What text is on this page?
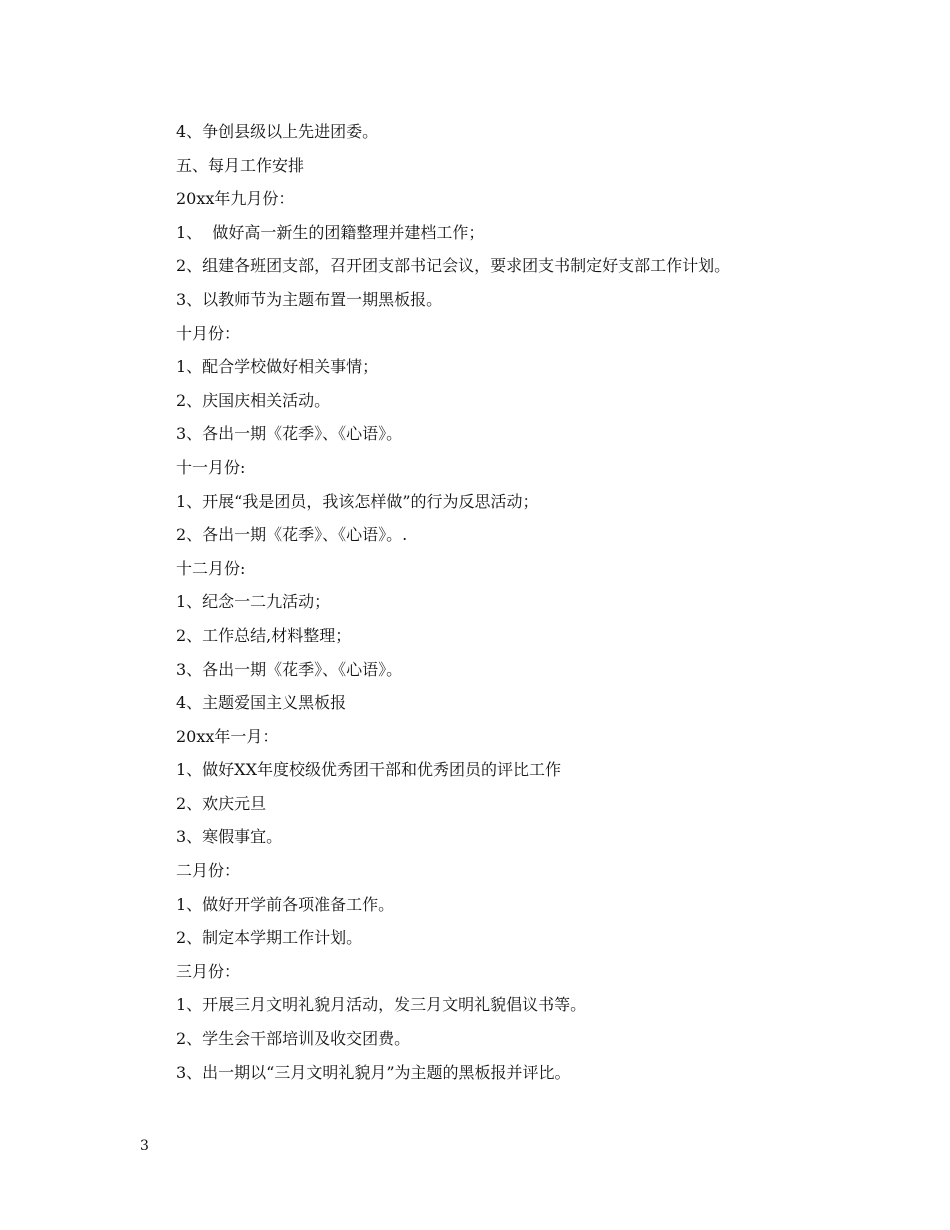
4、争创县级以上先进团委。
五、每月工作安排
20xx年九月份：
1、  做好高一新生的团籍整理并建档工作；
2、组建各班团支部，召开团支部书记会议，要求团支书制定好支部工作计划。
3、以教师节为主题布置一期黑板报。
十月份：
1、配合学校做好相关事情；
2、庆国庆相关活动。
3、各出一期《花季》、《心语》。
十一月份:
1、开展“我是团员，我该怎样做”的行为反思活动；
2、各出一期《花季》、《心语》。.
十二月份:
1、纪念一二九活动；
2、工作总结,材料整理；
3、各出一期《花季》、《心语》。
4、主题爱国主义黑板报
20xx年一月：
1、做好XX年度校级优秀团干部和优秀团员的评比工作
2、欢庆元旦
3、寒假事宜。
二月份：
1、做好开学前各项准备工作。
2、制定本学期工作计划。
三月份：
1、开展三月文明礼貌月活动，发三月文明礼貌倡议书等。
2、学生会干部培训及收交团费。
3、出一期以“三月文明礼貌月”为主题的黑板报并评比。
3
